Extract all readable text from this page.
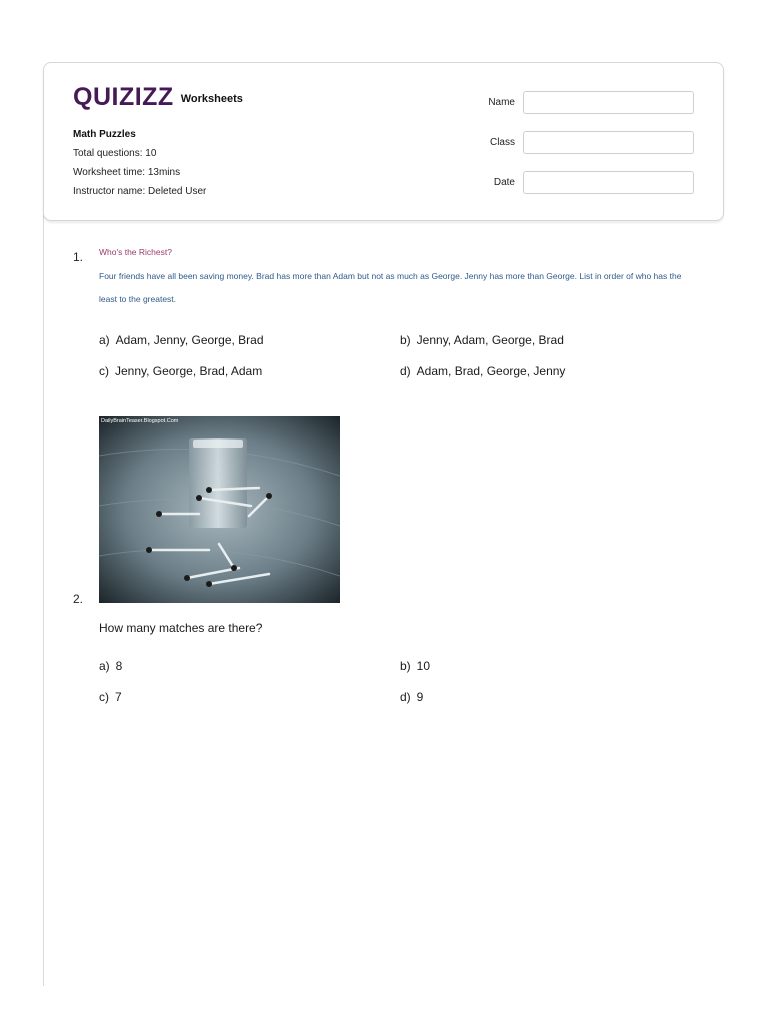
QUIZIZZ Worksheets
Math Puzzles
Total questions: 10
Worksheet time: 13mins
Instructor name: Deleted User
Name
Class
Date
1. Who's the Richest?
Four friends have all been saving money. Brad has more than Adam but not as much as George. Jenny has more than George. List in order of who has the least to the greatest.
a) Adam, Jenny, George, Brad	b) Jenny, Adam, George, Brad
c) Jenny, George, Brad, Adam	d) Adam, Brad, George, Jenny
DailyBrainTeaser.Blogspot.Com
2.
How many matches are there?
a) 8	b) 10
c) 7	d) 9
